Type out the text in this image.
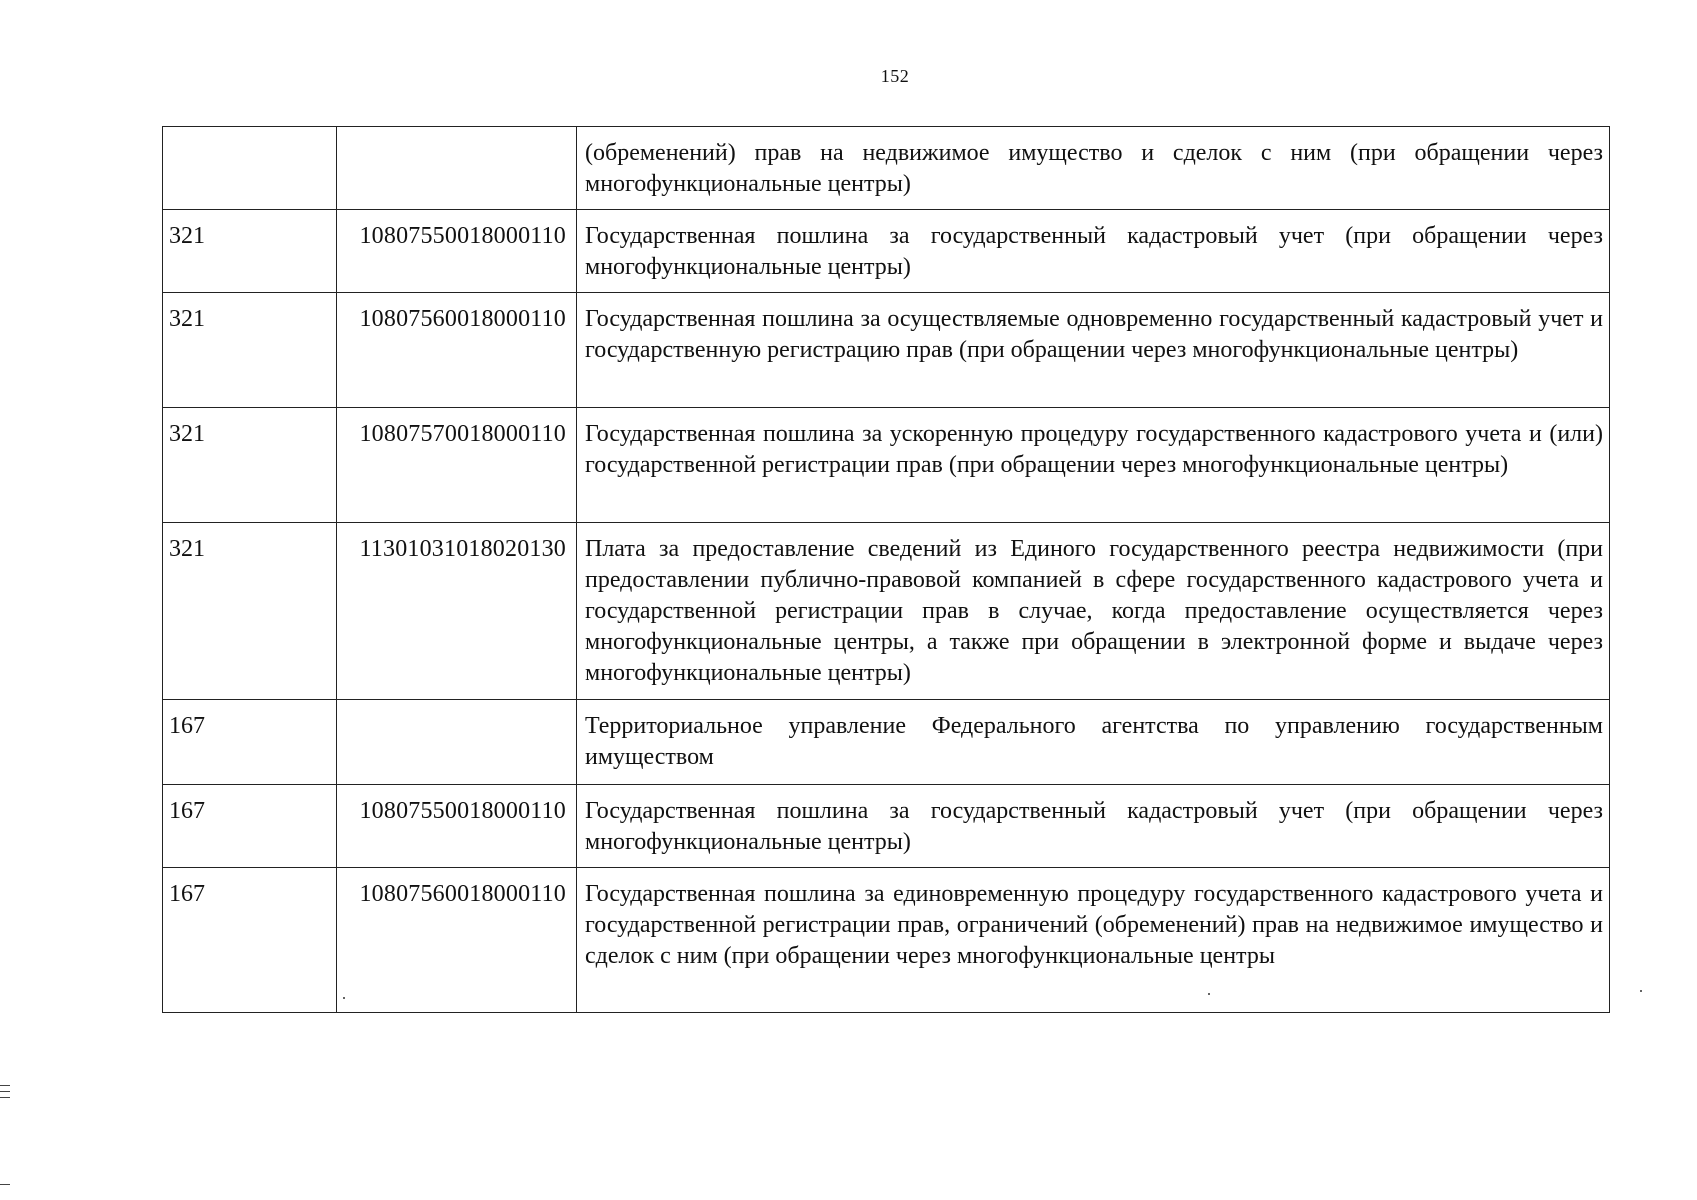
152
		(обременений) прав на недвижимое имущество и сделок с ним (при обращении через многофункциональные центры)
321	10807550018000110	Государственная пошлина за государственный кадастровый учет (при обращении через многофункциональные центры)
321	10807560018000110	Государственная пошлина за осуществляемые одновременно государственный кадастровый учет и государственную регистрацию прав (при обращении через многофункциональные центры)
321	10807570018000110	Государственная пошлина за ускоренную процедуру государственного кадастрового учета и (или) государственной регистрации прав (при обращении через многофункциональные центры)
321	11301031018020130	Плата за предоставление сведений из Единого государственного реестра недвижимости (при предоставлении публично-правовой компанией в сфере государственного кадастрового учета и государственной регистрации прав в случае, когда предоставление осуществляется через многофункциональные центры, а также при обращении в электронной форме и выдаче через многофункциональные центры)
167		Территориальное управление Федерального агентства по управлению государственным имуществом
167	10807550018000110	Государственная пошлина за государственный кадастровый учет (при обращении через многофункциональные центры)
167	10807560018000110	Государственная пошлина за единовременную процедуру государственного кадастрового учета и государственной регистрации прав, ограничений (обременений) прав на недвижимое имущество и сделок с ним (при обращении через многофункциональные центры
